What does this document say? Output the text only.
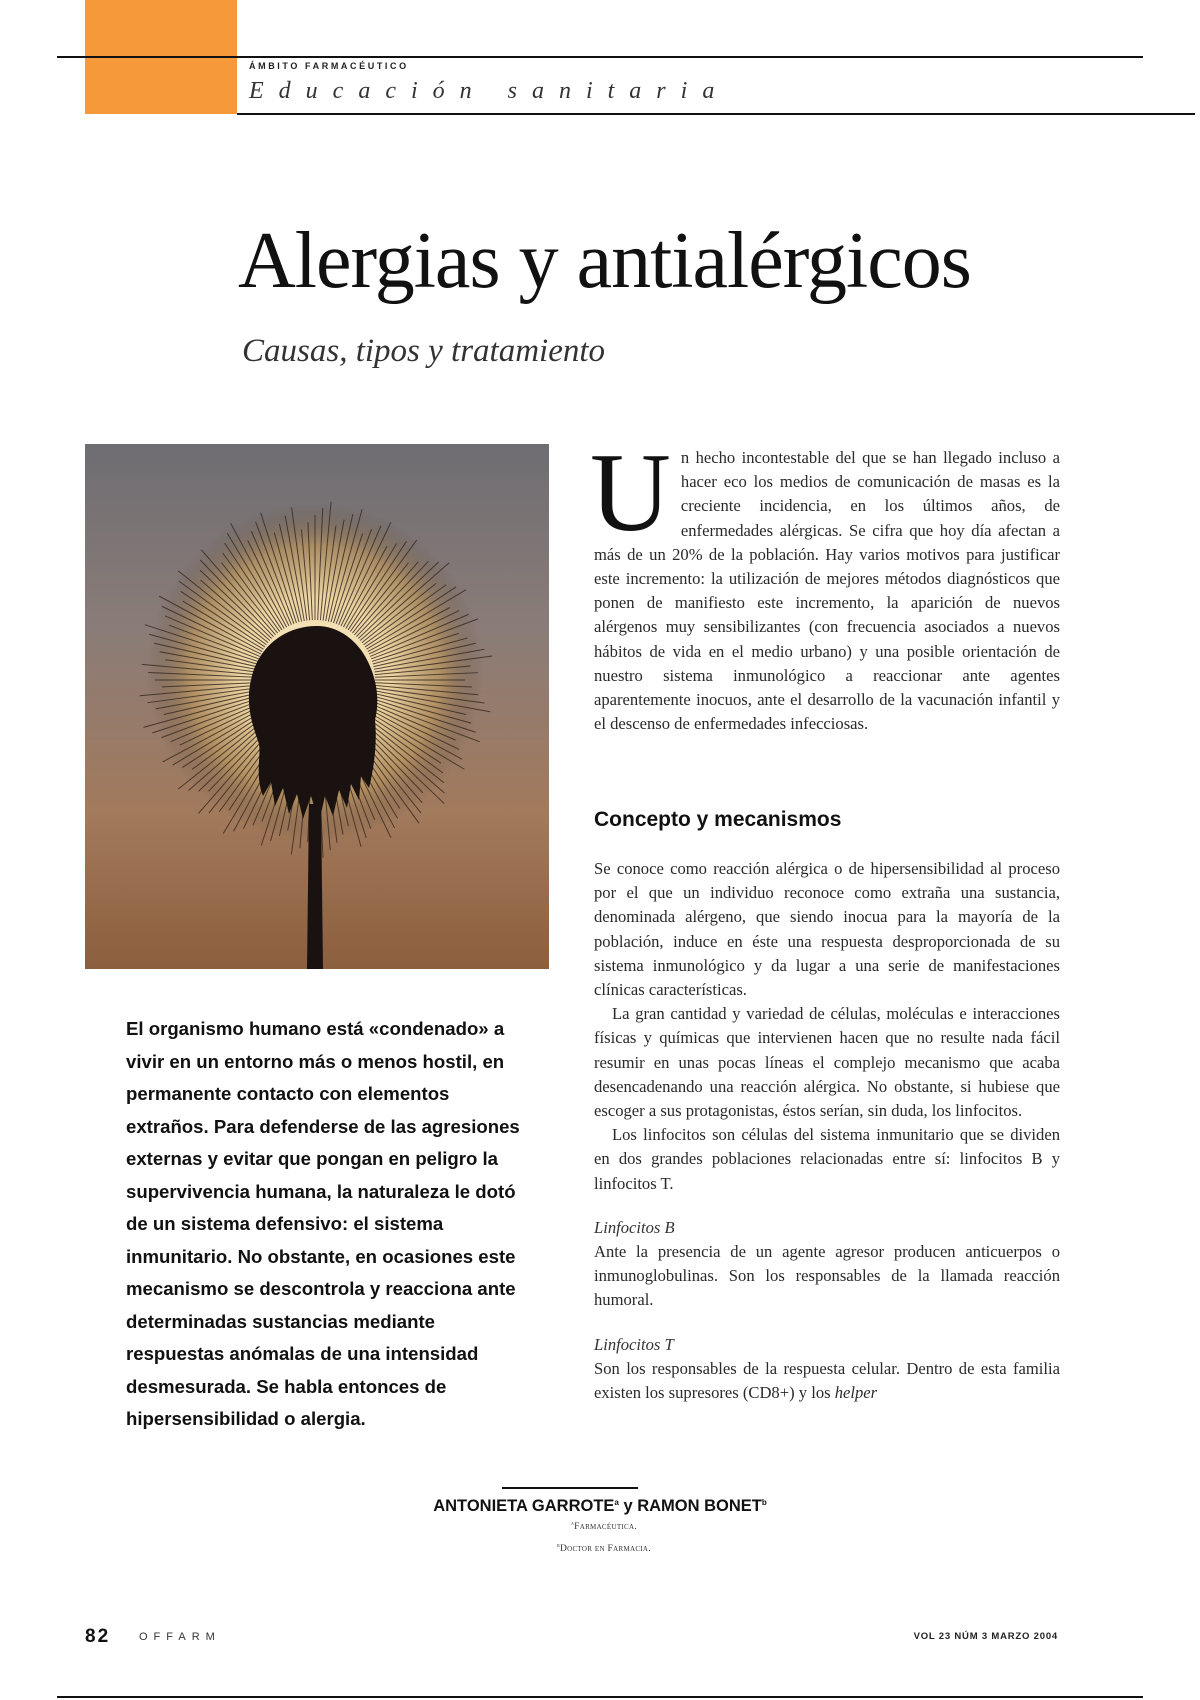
ÁMBITO FARMACÉUTICO
Educación sanitaria
Alergias y antialérgicos
Causas, tipos y tratamiento
El organismo humano está «condenado» a vivir en un entorno más o menos hostil, en permanente contacto con elementos extraños. Para defenderse de las agresiones externas y evitar que pongan en peligro la supervivencia humana, la naturaleza le dotó de un sistema defensivo: el sistema inmunitario. No obstante, en ocasiones este mecanismo se descontrola y reacciona ante determinadas sustancias mediante respuestas anómalas de una intensidad desmesurada. Se habla entonces de hipersensibilidad o alergia.

Un hecho incontestable del que se han llegado incluso a hacer eco los medios de comunicación de masas es la creciente incidencia, en los últimos años, de enfermedades alérgicas. Se cifra que hoy día afectan a más de un 20% de la población. Hay varios motivos para justificar este incremento: la utilización de mejores métodos diagnósticos que ponen de manifiesto este incremento, la aparición de nuevos alérgenos muy sensibilizantes (con frecuencia asociados a nuevos hábitos de vida en el medio urbano) y una posible orientación de nuestro sistema inmunológico a reaccionar ante agentes aparentemente inocuos, ante el desarrollo de la vacunación infantil y el descenso de enfermedades infecciosas.

Concepto y mecanismos

Se conoce como reacción alérgica o de hipersensibilidad al proceso por el que un individuo reconoce como extraña una sustancia, denominada alérgeno, que siendo inocua para la mayoría de la población, induce en éste una respuesta desproporcionada de su sistema inmunológico y da lugar a una serie de manifestaciones clínicas características.

La gran cantidad y variedad de células, moléculas e interacciones físicas y químicas que intervienen hacen que no resulte nada fácil resumir en unas pocas líneas el complejo mecanismo que acaba desencadenando una reacción alérgica. No obstante, si hubiese que escoger a sus protagonistas, éstos serían, sin duda, los linfocitos.

Los linfocitos son células del sistema inmunitario que se dividen en dos grandes poblaciones relacionadas entre sí: linfocitos B y linfocitos T.

Linfocitos B

Ante la presencia de un agente agresor producen anticuerpos o inmunoglobulinas. Son los responsables de la llamada reacción humoral.

Linfocitos T

Son los responsables de la respuesta celular. Dentro de esta familia existen los supresores (CD8+) y los helper

ANTONIETA GARROTE$^a$ y RAMON BONET$^b$
$^a$Farmacéutica.
$^b$Doctor en Farmacia.
82	OFFARM	VOL 23 NÚM 3 MARZO 2004
